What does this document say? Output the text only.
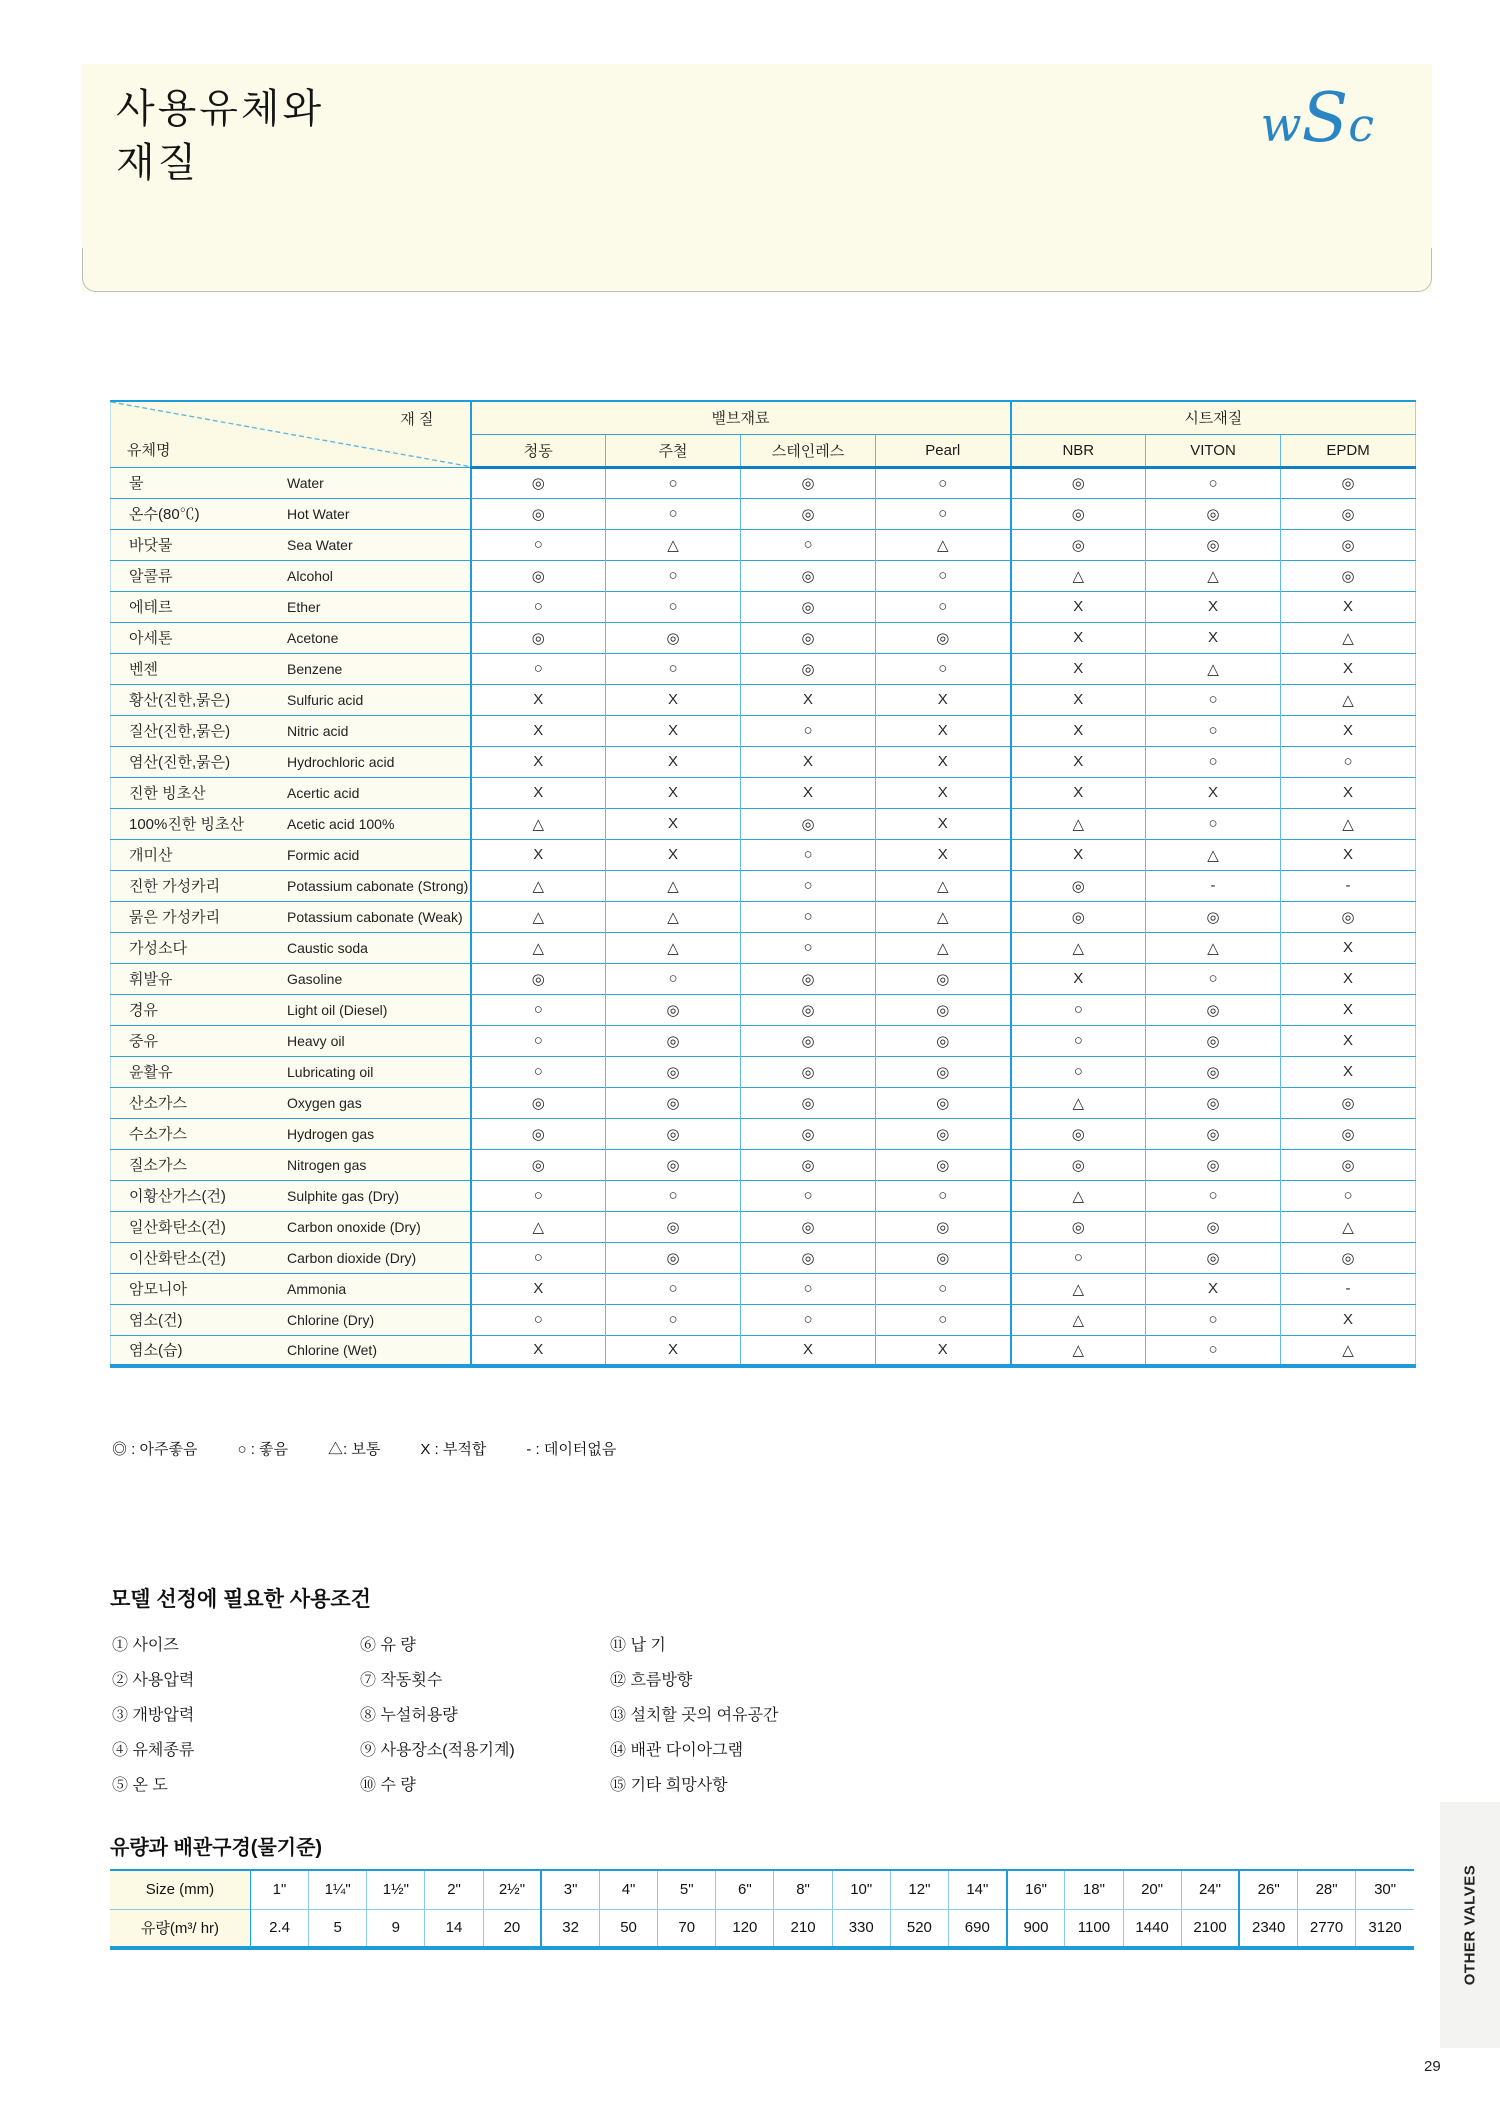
사용유체와
재질
wSc
재 질
유체명	밸브재료				시트재질		
	청동	주철	스테인레스	Pearl	NBR	VITON	EPDM
물 Water	◎	○	◎	○	◎	○	◎
온수(80℃) Hot Water	◎	○	◎	○	◎	◎	◎
바닷물 Sea Water	○	△	○	△	◎	◎	◎
알콜류 Alcohol	◎	○	◎	○	△	△	◎
에테르 Ether	○	○	◎	○	X	X	X
아세톤 Acetone	◎	◎	◎	◎	X	X	△
벤젠 Benzene	○	○	◎	○	X	△	X
황산(진한,묽은) Sulfuric acid	X	X	X	X	X	○	△
질산(진한,묽은) Nitric acid	X	X	○	X	X	○	X
염산(진한,묽은) Hydrochloric acid	X	X	X	X	X	○	○
진한 빙초산 Acertic acid	X	X	X	X	X	X	X
100%진한 빙초산 Acetic acid 100%	△	X	◎	X	△	○	△
개미산 Formic acid	X	X	○	X	X	△	X
진한 가성카리 Potassium cabonate (Strong)	△	△	○	△	◎	-	-
묽은 가성카리 Potassium cabonate (Weak)	△	△	○	△	◎	◎	◎
가성소다 Caustic soda	△	△	○	△	△	△	X
휘발유 Gasoline	◎	○	◎	◎	X	○	X
경유 Light oil (Diesel)	○	◎	◎	◎	○	◎	X
중유 Heavy oil	○	◎	◎	◎	○	◎	X
윤활유 Lubricating oil	○	◎	◎	◎	○	◎	X
산소가스 Oxygen gas	◎	◎	◎	◎	△	◎	◎
수소가스 Hydrogen gas	◎	◎	◎	◎	◎	◎	◎
질소가스 Nitrogen gas	◎	◎	◎	◎	◎	◎	◎
이황산가스(건) Sulphite gas (Dry)	○	○	○	○	△	○	○
일산화탄소(건) Carbon onoxide (Dry)	△	◎	◎	◎	◎	◎	△
이산화탄소(건) Carbon dioxide (Dry)	○	◎	◎	◎	○	◎	◎
암모니아 Ammonia	X	○	○	○	△	X	-
염소(건) Chlorine (Dry)	○	○	○	○	△	○	X
염소(습) Chlorine (Wet)	X	X	X	X	△	○	△
◎ : 아주좋음	○ : 좋음	△: 보통	X : 부적합	- : 데이터없음
모델 선정에 필요한 사용조건
① 사이즈
② 사용압력
③ 개방압력
④ 유체종류
⑤ 온 도
⑥ 유 량
⑦ 작동횟수
⑧ 누설허용량
⑨ 사용장소(적용기계)
⑩ 수 량
⑪ 납 기
⑫ 흐름방향
⑬ 설치할 곳의 여유공간
⑭ 배관 다이아그램
⑮ 기타 희망사항
유량과 배관구경(물기준)
Size (mm)	1"	1¼"	1½"	2"	2½"	3"	4"	5"	6"	8"	10"	12"	14"	16"	18"	20"	24"	26"	28"	30"
유량(m³/ hr)	2.4	5	9	14	20	32	50	70	120	210	330	520	690	900	1100	1440	2100	2340	2770	3120	OTHER VALVES
29
